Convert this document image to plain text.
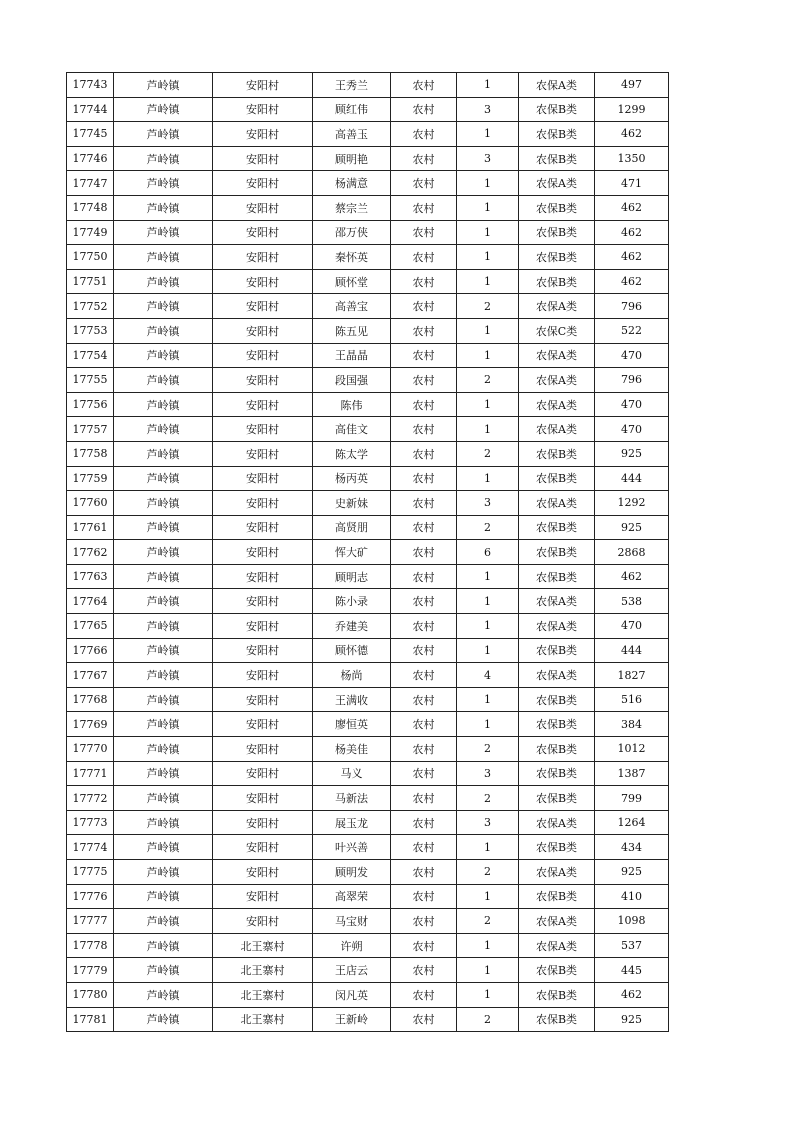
17743	芦岭镇	安阳村	王秀兰	农村	1	农保A类	497
17744	芦岭镇	安阳村	顾红伟	农村	3	农保B类	1299
17745	芦岭镇	安阳村	高善玉	农村	1	农保B类	462
17746	芦岭镇	安阳村	顾明艳	农村	3	农保B类	1350
17747	芦岭镇	安阳村	杨满意	农村	1	农保A类	471
17748	芦岭镇	安阳村	蔡宗兰	农村	1	农保B类	462
17749	芦岭镇	安阳村	邵万侠	农村	1	农保B类	462
17750	芦岭镇	安阳村	秦怀英	农村	1	农保B类	462
17751	芦岭镇	安阳村	顾怀堂	农村	1	农保B类	462
17752	芦岭镇	安阳村	高善宝	农村	2	农保A类	796
17753	芦岭镇	安阳村	陈五见	农村	1	农保C类	522
17754	芦岭镇	安阳村	王晶晶	农村	1	农保A类	470
17755	芦岭镇	安阳村	段国强	农村	2	农保A类	796
17756	芦岭镇	安阳村	陈伟	农村	1	农保A类	470
17757	芦岭镇	安阳村	高佳文	农村	1	农保A类	470
17758	芦岭镇	安阳村	陈太学	农村	2	农保B类	925
17759	芦岭镇	安阳村	杨丙英	农村	1	农保B类	444
17760	芦岭镇	安阳村	史新妹	农村	3	农保A类	1292
17761	芦岭镇	安阳村	高贤朋	农村	2	农保B类	925
17762	芦岭镇	安阳村	恽大矿	农村	6	农保B类	2868
17763	芦岭镇	安阳村	顾明志	农村	1	农保B类	462
17764	芦岭镇	安阳村	陈小录	农村	1	农保A类	538
17765	芦岭镇	安阳村	乔建美	农村	1	农保A类	470
17766	芦岭镇	安阳村	顾怀德	农村	1	农保B类	444
17767	芦岭镇	安阳村	杨尚	农村	4	农保A类	1827
17768	芦岭镇	安阳村	王满收	农村	1	农保B类	516
17769	芦岭镇	安阳村	廖恒英	农村	1	农保B类	384
17770	芦岭镇	安阳村	杨美佳	农村	2	农保B类	1012
17771	芦岭镇	安阳村	马义	农村	3	农保B类	1387
17772	芦岭镇	安阳村	马新法	农村	2	农保B类	799
17773	芦岭镇	安阳村	展玉龙	农村	3	农保A类	1264
17774	芦岭镇	安阳村	叶兴善	农村	1	农保B类	434
17775	芦岭镇	安阳村	顾明发	农村	2	农保A类	925
17776	芦岭镇	安阳村	高翠荣	农村	1	农保B类	410
17777	芦岭镇	安阳村	马宝财	农村	2	农保A类	1098
17778	芦岭镇	北王寨村	许朔	农村	1	农保A类	537
17779	芦岭镇	北王寨村	王店云	农村	1	农保B类	445
17780	芦岭镇	北王寨村	闵凡英	农村	1	农保B类	462
17781	芦岭镇	北王寨村	王新岭	农村	2	农保B类	925
